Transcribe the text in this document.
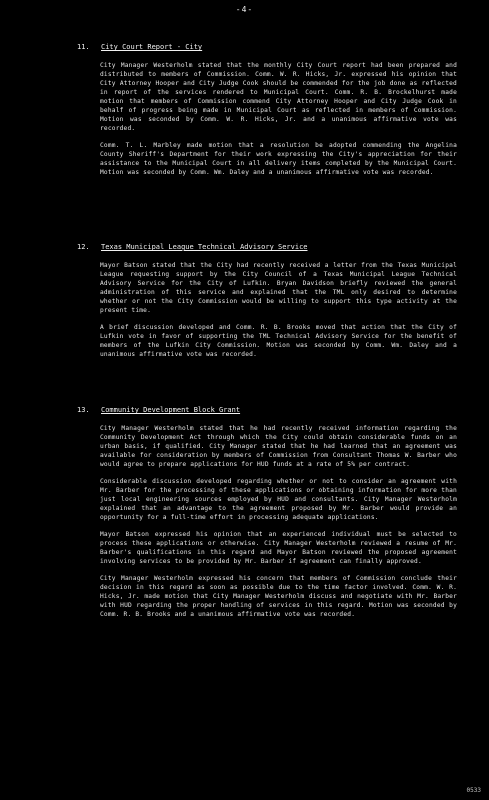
-4-
11.	City Court Report - City

City Manager Westerholm stated that the monthly City Court report had been prepared and distributed to members of Commission. Comm. W. R. Hicks, Jr. expressed his opinion that City Attorney Hooper and City Judge Cook should be commended for the job done as reflected in report of the services rendered to Municipal Court. Comm. R. B. Brockelhurst made motion that members of Commission commend City Attorney Hooper and City Judge Cook in behalf of progress being made in Municipal Court as reflected in members of Commission. Motion was seconded by Comm. W. R. Hicks, Jr. and a unanimous affirmative vote was recorded.

Comm. T. L. Marbley made motion that a resolution be adopted commending the Angelina County Sheriff's Department for their work expressing the City's appreciation for their assistance to the Municipal Court in all delivery items completed by the Municipal Court. Motion was seconded by Comm. Wm. Daley and a unanimous affirmative vote was recorded.

12.	Texas Municipal League Technical Advisory Service

Mayor Batson stated that the City had recently received a letter from the Texas Municipal League requesting support by the City Council of a Texas Municipal League Technical Advisory Service for the City of Lufkin. Bryan Davidson briefly reviewed the general administration of this service and explained that the TML only desired to determine whether or not the City Commission would be willing to support this type activity at the present time.

A brief discussion developed and Comm. R. B. Brooks moved that action that the City of Lufkin vote in favor of supporting the TML Technical Advisory Service for the benefit of members of the Lufkin City Commission. Motion was seconded by Comm. Wm. Daley and a unanimous affirmative vote was recorded.

13.	Community Development Block Grant

City Manager Westerholm stated that he had recently received information regarding the Community Development Act through which the City could obtain considerable funds on an urban basis, if qualified. City Manager stated that he had learned that an agreement was available for consideration by members of Commission from Consultant Thomas W. Barber who would agree to prepare applications for HUD funds at a rate of 5% per contract.

Considerable discussion developed regarding whether or not to consider an agreement with Mr. Barber for the processing of these applications or obtaining information for more than just local engineering sources employed by HUD and consultants. City Manager Westerholm explained that an advantage to the agreement proposed by Mr. Barber would provide an opportunity for a full-time effort in processing adequate applications.

Mayor Batson expressed his opinion that an experienced individual must be selected to process these applications or otherwise. City Manager Westerholm reviewed a resume of Mr. Barber's qualifications in this regard and Mayor Batson reviewed the proposed agreement involving services to be provided by Mr. Barber if agreement can finally approved.

City Manager Westerholm expressed his concern that members of Commission conclude their decision in this regard as soon as possible due to the time factor involved. Comm. W. R. Hicks, Jr. made motion that City Manager Westerholm discuss and negotiate with Mr. Barber with HUD regarding the proper handling of services in this regard. Motion was seconded by Comm. R. B. Brooks and a unanimous affirmative vote was recorded.

0533
